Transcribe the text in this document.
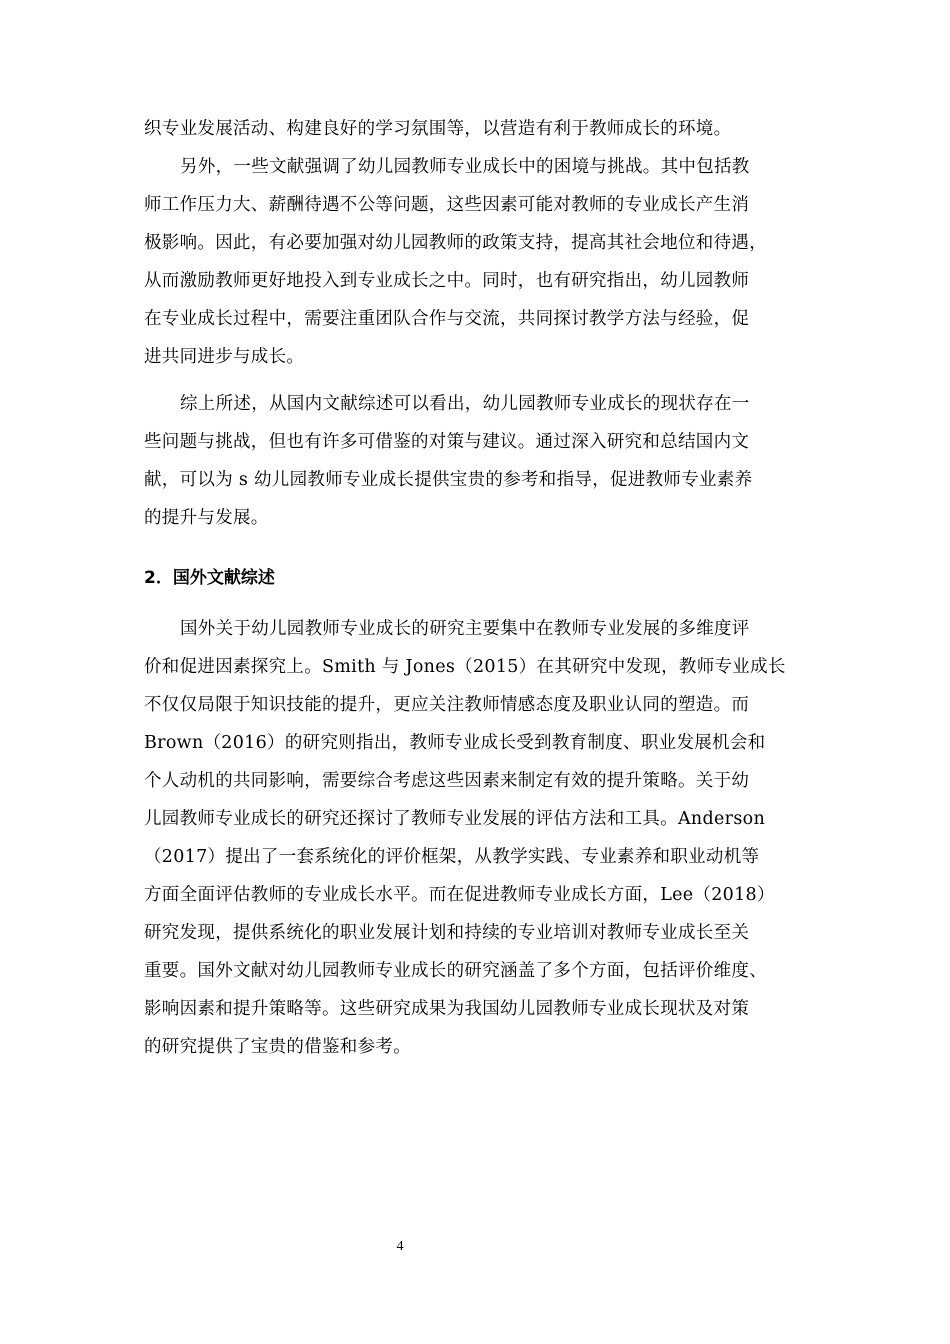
织专业发展活动、构建良好的学习氛围等，以营造有利于教师成长的环境。
另外，一些文献强调了幼儿园教师专业成长中的困境与挑战。其中包括教
师工作压力大、薪酬待遇不公等问题，这些因素可能对教师的专业成长产生消
极影响。因此，有必要加强对幼儿园教师的政策支持，提高其社会地位和待遇，
从而激励教师更好地投入到专业成长之中。同时，也有研究指出，幼儿园教师
在专业成长过程中，需要注重团队合作与交流，共同探讨教学方法与经验，促
进共同进步与成长。
综上所述，从国内文献综述可以看出，幼儿园教师专业成长的现状存在一
些问题与挑战，但也有许多可借鉴的对策与建议。通过深入研究和总结国内文
献，可以为 s 幼儿园教师专业成长提供宝贵的参考和指导，促进教师专业素养
的提升与发展。
2．国外文献综述
国外关于幼儿园教师专业成长的研究主要集中在教师专业发展的多维度评
价和促进因素探究上。Smith 与 Jones（2015）在其研究中发现，教师专业成长
不仅仅局限于知识技能的提升，更应关注教师情感态度及职业认同的塑造。而
Brown（2016）的研究则指出，教师专业成长受到教育制度、职业发展机会和
个人动机的共同影响，需要综合考虑这些因素来制定有效的提升策略。关于幼
儿园教师专业成长的研究还探讨了教师专业发展的评估方法和工具。Anderson
（2017）提出了一套系统化的评价框架，从教学实践、专业素养和职业动机等
方面全面评估教师的专业成长水平。而在促进教师专业成长方面，Lee（2018）
研究发现，提供系统化的职业发展计划和持续的专业培训对教师专业成长至关
重要。国外文献对幼儿园教师专业成长的研究涵盖了多个方面，包括评价维度、
影响因素和提升策略等。这些研究成果为我国幼儿园教师专业成长现状及对策
的研究提供了宝贵的借鉴和参考。
4
